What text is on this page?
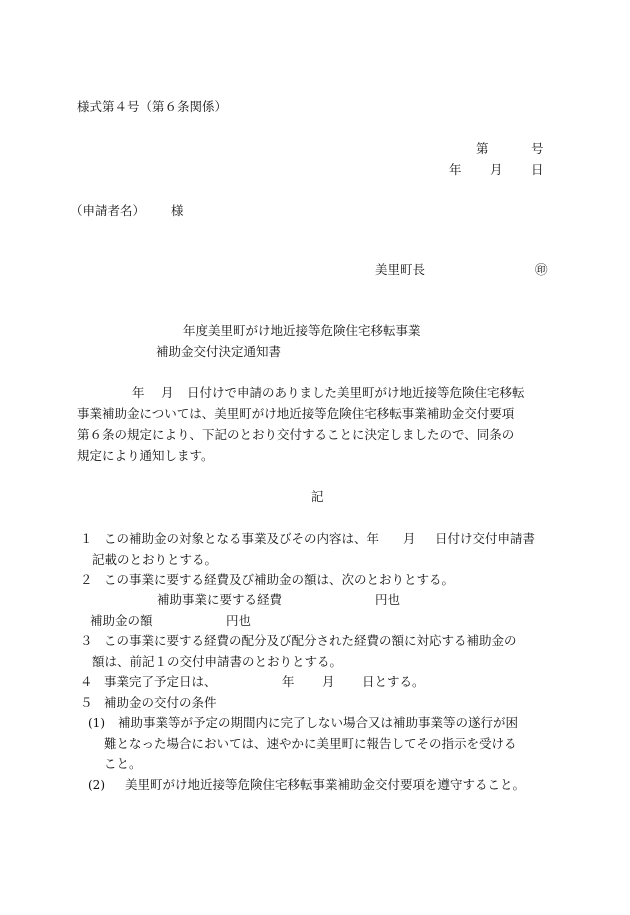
様式第４号（第６条関係）
第	号
年 月 日
（申請者名） 様
美里町長	㊞
年度美里町がけ地近接等危険住宅移転事業
補助金交付決定通知書
年 月 日付けで申請のありました美里町がけ地近接等危険住宅移転
事業補助金については、美里町がけ地近接等危険住宅移転事業補助金交付要項
第６条の規定により、下記のとおり交付することに決定しましたので、同条の
規定により通知します。
記
１ この補助金の対象となる事業及びその内容は、年 月 日付け交付申請書
記載のとおりとする。
２ この事業に要する経費及び補助金の額は、次のとおりとする。
補助事業に要する経費	円也
補助金の額	円也
３ この事業に要する経費の配分及び配分された経費の額に対応する補助金の
額は、前記１の交付申請書のとおりとする。
４ 事業完了予定日は、	年 月 日とする。
５ 補助金の交付の条件
(1) 補助事業等が予定の期間内に完了しない場合又は補助事業等の遂行が困
難となった場合においては、速やかに美里町に報告してその指示を受ける
こと。
(2) 美里町がけ地近接等危険住宅移転事業補助金交付要項を遵守すること。
